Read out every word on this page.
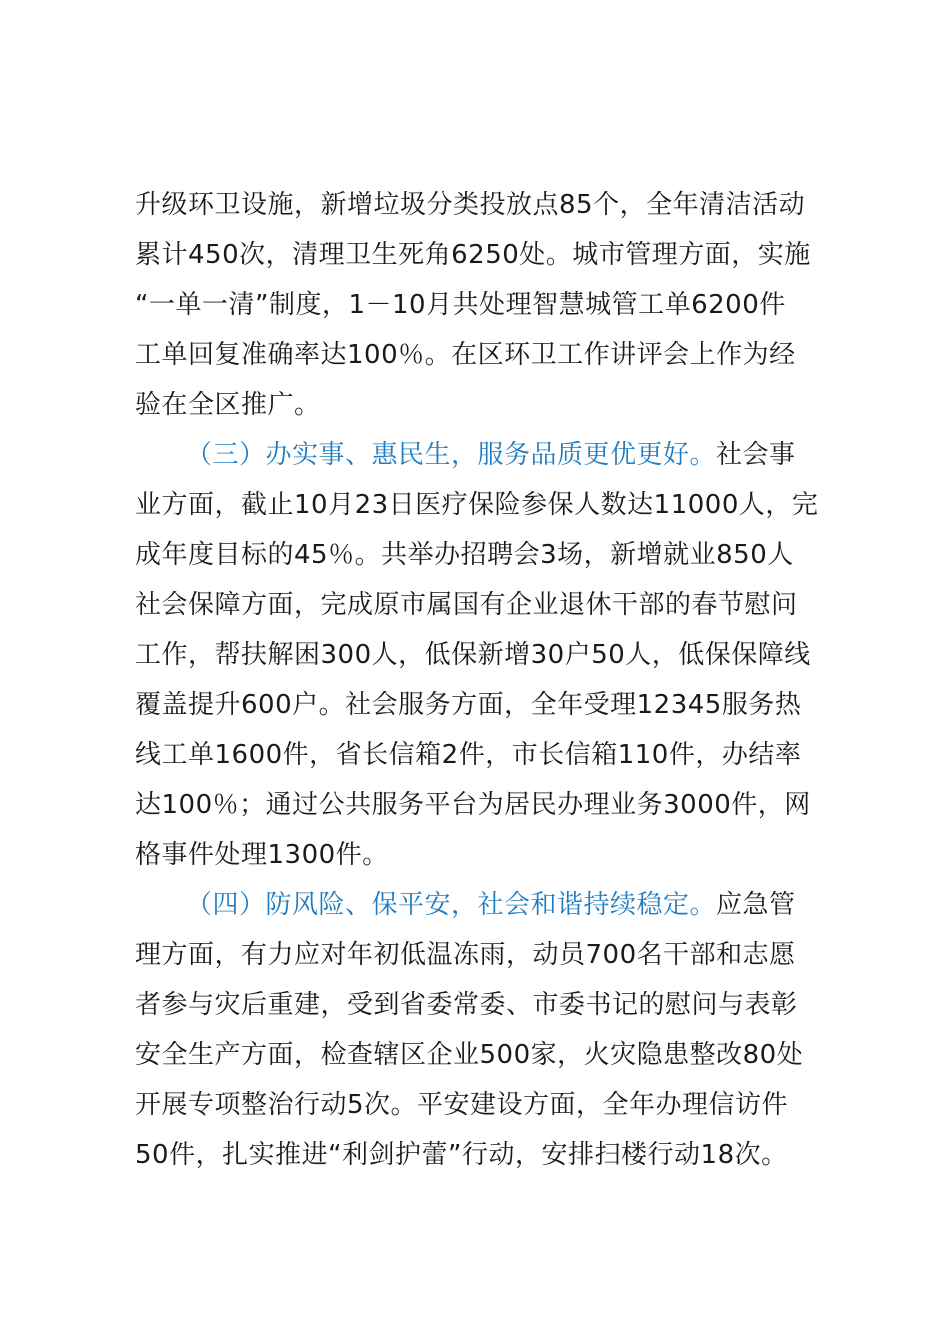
升级环卫设施，新增垃圾分类投放点85个，全年清洁活动
累计450次，清理卫生死角6250处。城市管理方面，实施
“一单一清”制度，1－10月共处理智慧城管工单6200件
工单回复准确率达100％。在区环卫工作讲评会上作为经
验在全区推广。
（三）办实事、惠民生，服务品质更优更好。社会事
业方面，截止10月23日医疗保险参保人数达11000人，完
成年度目标的45％。共举办招聘会3场，新增就业850人
社会保障方面，完成原市属国有企业退休干部的春节慰问
工作，帮扶解困300人，低保新增30户50人，低保保障线
覆盖提升600户。社会服务方面，全年受理12345服务热
线工单1600件，省长信箱2件，市长信箱110件，办结率
达100％；通过公共服务平台为居民办理业务3000件，网
格事件处理1300件。
（四）防风险、保平安，社会和谐持续稳定。应急管
理方面，有力应对年初低温冻雨，动员700名干部和志愿
者参与灾后重建，受到省委常委、市委书记的慰问与表彰
安全生产方面，检查辖区企业500家，火灾隐患整改80处
开展专项整治行动5次。平安建设方面，全年办理信访件
50件，扎实推进“利剑护蕾”行动，安排扫楼行动18次。
